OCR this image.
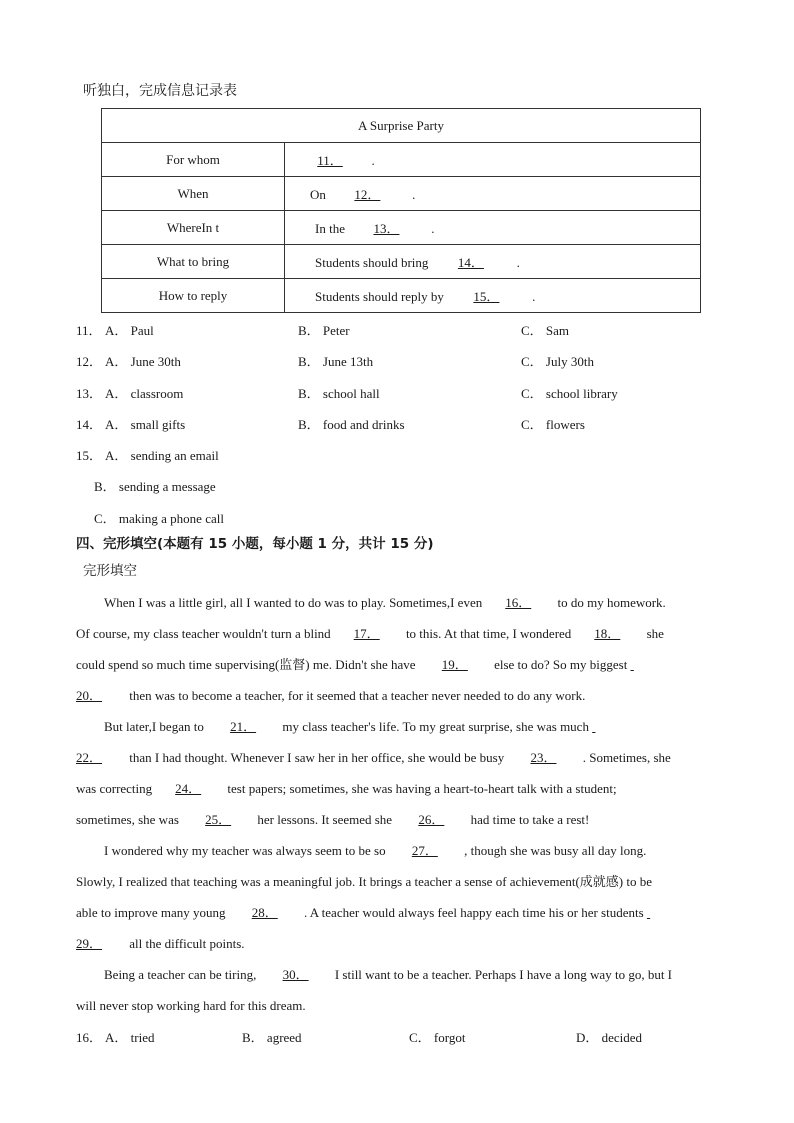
听独白，完成信息记录表
A Surprise Party	
For whom	11． .
When	On  12． .
WhereIn t	In the  13． .
What to bring	Students should bring  14． .
How to reply	Students should reply by  15． .
11． A． Paul	B． Peter	C． Sam
12． A． June 30th	B． June 13th	C． July 30th
13． A． classroom	B． school hall	C． school library
14． A． small gifts	B． food and drinks	C． flowers
15． A． sending an email
B． sending a message
C． making a phone call
四、完形填空(本题有 15 小题，每小题 1 分，共计 15 分)
完形填空
When I was a little girl, all I wanted to do was to play. Sometimes,I even 16． to do my homework.
Of course, my class teacher wouldn't turn a blind 17． to this. At that time, I wondered 18． she
could spend so much time supervising(监督) me. Didn't she have 19． else to do? So my biggest
20． then was to become a teacher, for it seemed that a teacher never needed to do any work.
But later,I began to 21． my class teacher's life. To my great surprise, she was much
22． than I had thought. Whenever I saw her in her office, she would be busy 23． . Sometimes, she
was correcting 24． test papers; sometimes, she was having a heart-to-heart talk with a student;
sometimes, she was 25． her lessons. It seemed she 26． had time to take a rest!
I wondered why my teacher was always seem to be so 27． , though she was busy all day long.
Slowly, I realized that teaching was a meaningful job. It brings a teacher a sense of achievement(成就感) to be
able to improve many young 28． . A teacher would always feel happy each time his or her students
29． all the difficult points.
Being a teacher can be tiring, 30． I still want to be a teacher. Perhaps I have a long way to go, but I
will never stop working hard for this dream.
16． A． tried	B． agreed	C． forgot	D． decided
